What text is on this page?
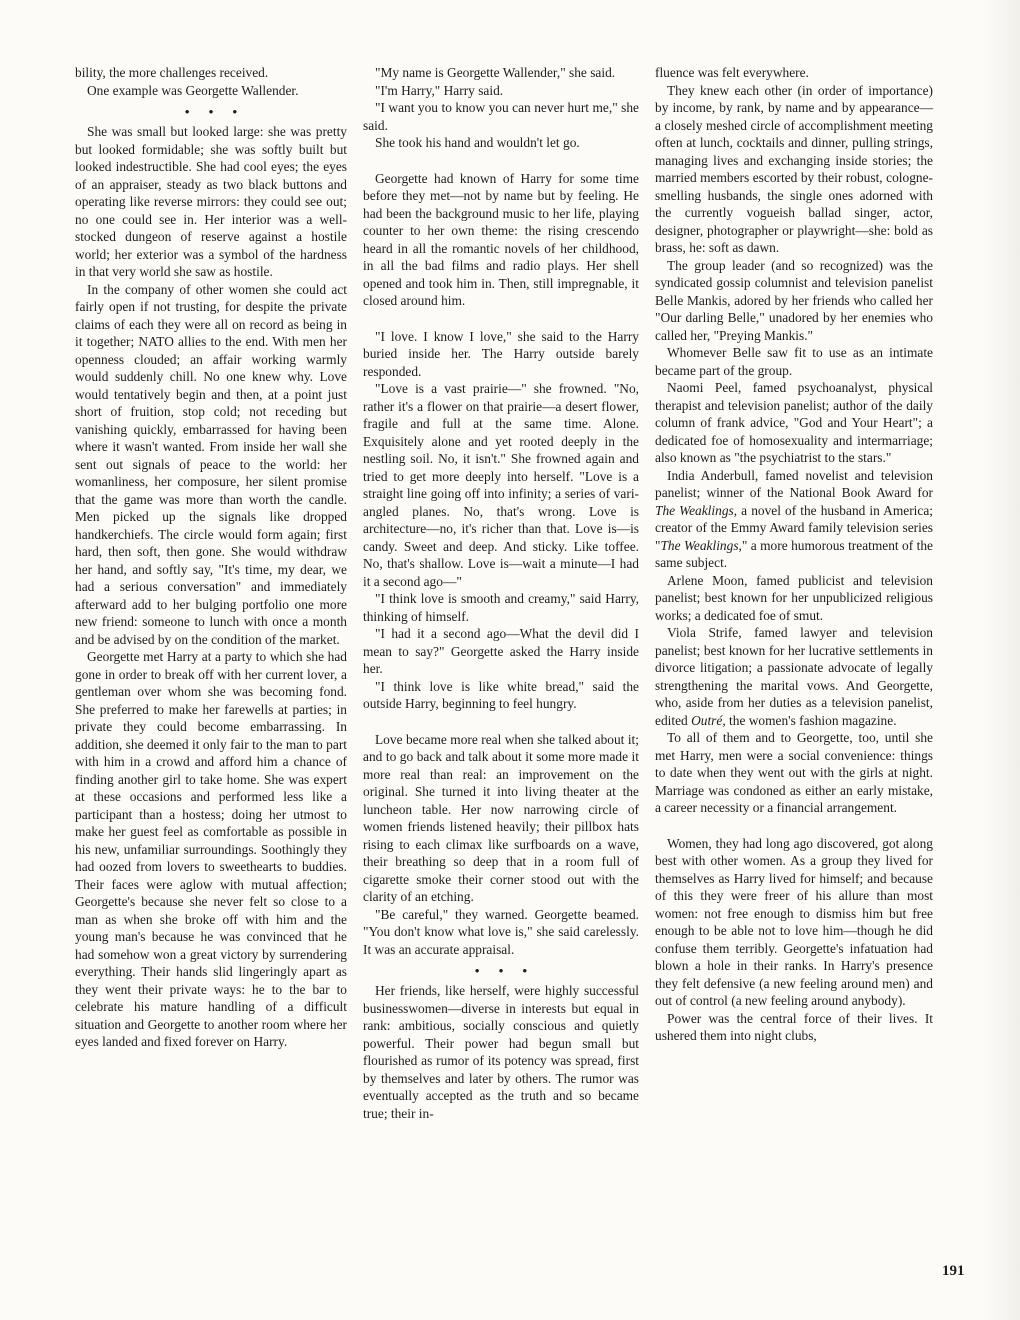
bility, the more challenges received.

One example was Georgette Wallender.

• • •

She was small but looked large: she was pretty but looked formidable; she was softly built but looked indestructible. She had cool eyes; the eyes of an appraiser, steady as two black buttons and operating like reverse mirrors: they could see out; no one could see in. Her interior was a well-stocked dungeon of reserve against a hostile world; her exterior was a symbol of the hardness in that very world she saw as hostile.

In the company of other women she could act fairly open if not trusting, for despite the private claims of each they were all on record as being in it together; NATO allies to the end. With men her openness clouded; an affair working warmly would suddenly chill. No one knew why. Love would tentatively begin and then, at a point just short of fruition, stop cold; not receding but vanishing quickly, embarrassed for having been where it wasn't wanted. From inside her wall she sent out signals of peace to the world: her womanliness, her composure, her silent promise that the game was more than worth the candle. Men picked up the signals like dropped handkerchiefs. The circle would form again; first hard, then soft, then gone. She would withdraw her hand, and softly say, "It's time, my dear, we had a serious conversation" and immediately afterward add to her bulging portfolio one more new friend: someone to lunch with once a month and be advised by on the condition of the market.

Georgette met Harry at a party to which she had gone in order to break off with her current lover, a gentleman over whom she was becoming fond. She preferred to make her farewells at parties; in private they could become embarrassing. In addition, she deemed it only fair to the man to part with him in a crowd and afford him a chance of finding another girl to take home. She was expert at these occasions and performed less like a participant than a hostess; doing her utmost to make her guest feel as comfortable as possible in his new, unfamiliar surroundings. Soothingly they had oozed from lovers to sweethearts to buddies. Their faces were aglow with mutual affection; Georgette's because she never felt so close to a man as when she broke off with him and the young man's because he was convinced that he had somehow won a great victory by surrendering everything. Their hands slid lingeringly apart as they went their private ways: he to the bar to celebrate his mature handling of a difficult situation and Georgette to another room where her eyes landed and fixed forever on Harry.

"My name is Georgette Wallender," she said.

"I'm Harry," Harry said.

"I want you to know you can never hurt me," she said.

She took his hand and wouldn't let go.

Georgette had known of Harry for some time before they met—not by name but by feeling. He had been the background music to her life, playing counter to her own theme: the rising crescendo heard in all the romantic novels of her childhood, in all the bad films and radio plays. Her shell opened and took him in. Then, still impregnable, it closed around him.

"I love. I know I love," she said to the Harry buried inside her. The Harry outside barely responded.

"Love is a vast prairie—" she frowned. "No, rather it's a flower on that prairie—a desert flower, fragile and full at the same time. Alone. Exquisitely alone and yet rooted deeply in the nestling soil. No, it isn't." She frowned again and tried to get more deeply into herself. "Love is a straight line going off into infinity; a series of vari-angled planes. No, that's wrong. Love is architecture—no, it's richer than that. Love is—is candy. Sweet and deep. And sticky. Like toffee. No, that's shallow. Love is—wait a minute—I had it a second ago—"

"I think love is smooth and creamy," said Harry, thinking of himself.

"I had it a second ago—What the devil did I mean to say?" Georgette asked the Harry inside her.

"I think love is like white bread," said the outside Harry, beginning to feel hungry.

Love became more real when she talked about it; and to go back and talk about it some more made it more real than real: an improvement on the original. She turned it into living theater at the luncheon table. Her now narrowing circle of women friends listened heavily; their pillbox hats rising to each climax like surfboards on a wave, their breathing so deep that in a room full of cigarette smoke their corner stood out with the clarity of an etching.

"Be careful," they warned. Georgette beamed. "You don't know what love is," she said carelessly. It was an accurate appraisal.

• • •

Her friends, like herself, were highly successful businesswomen—diverse in interests but equal in rank: ambitious, socially conscious and quietly powerful. Their power had begun small but flourished as rumor of its potency was spread, first by themselves and later by others. The rumor was eventually accepted as the truth and so became true; their in-

fluence was felt everywhere.

They knew each other (in order of importance) by income, by rank, by name and by appearance—a closely meshed circle of accomplishment meeting often at lunch, cocktails and dinner, pulling strings, managing lives and exchanging inside stories; the married members escorted by their robust, cologne-smelling husbands, the single ones adorned with the currently vogueish ballad singer, actor, designer, photographer or playwright—she: bold as brass, he: soft as dawn.

The group leader (and so recognized) was the syndicated gossip columnist and television panelist Belle Mankis, adored by her friends who called her "Our darling Belle," unadored by her enemies who called her, "Preying Mankis."

Whomever Belle saw fit to use as an intimate became part of the group.

Naomi Peel, famed psychoanalyst, physical therapist and television panelist; author of the daily column of frank advice, "God and Your Heart"; a dedicated foe of homosexuality and intermarriage; also known as "the psychiatrist to the stars."

India Anderbull, famed novelist and television panelist; winner of the National Book Award for The Weaklings, a novel of the husband in America; creator of the Emmy Award family television series "The Weaklings," a more humorous treatment of the same subject.

Arlene Moon, famed publicist and television panelist; best known for her unpublicized religious works; a dedicated foe of smut.

Viola Strife, famed lawyer and television panelist; best known for her lucrative settlements in divorce litigation; a passionate advocate of legally strengthening the marital vows. And Georgette, who, aside from her duties as a television panelist, edited Outré, the women's fashion magazine.

To all of them and to Georgette, too, until she met Harry, men were a social convenience: things to date when they went out with the girls at night. Marriage was condoned as either an early mistake, a career necessity or a financial arrangement.

Women, they had long ago discovered, got along best with other women. As a group they lived for themselves as Harry lived for himself; and because of this they were freer of his allure than most women: not free enough to dismiss him but free enough to be able not to love him—though he did confuse them terribly. Georgette's infatuation had blown a hole in their ranks. In Harry's presence they felt defensive (a new feeling around men) and out of control (a new feeling around anybody).

Power was the central force of their lives. It ushered them into night clubs,

191
